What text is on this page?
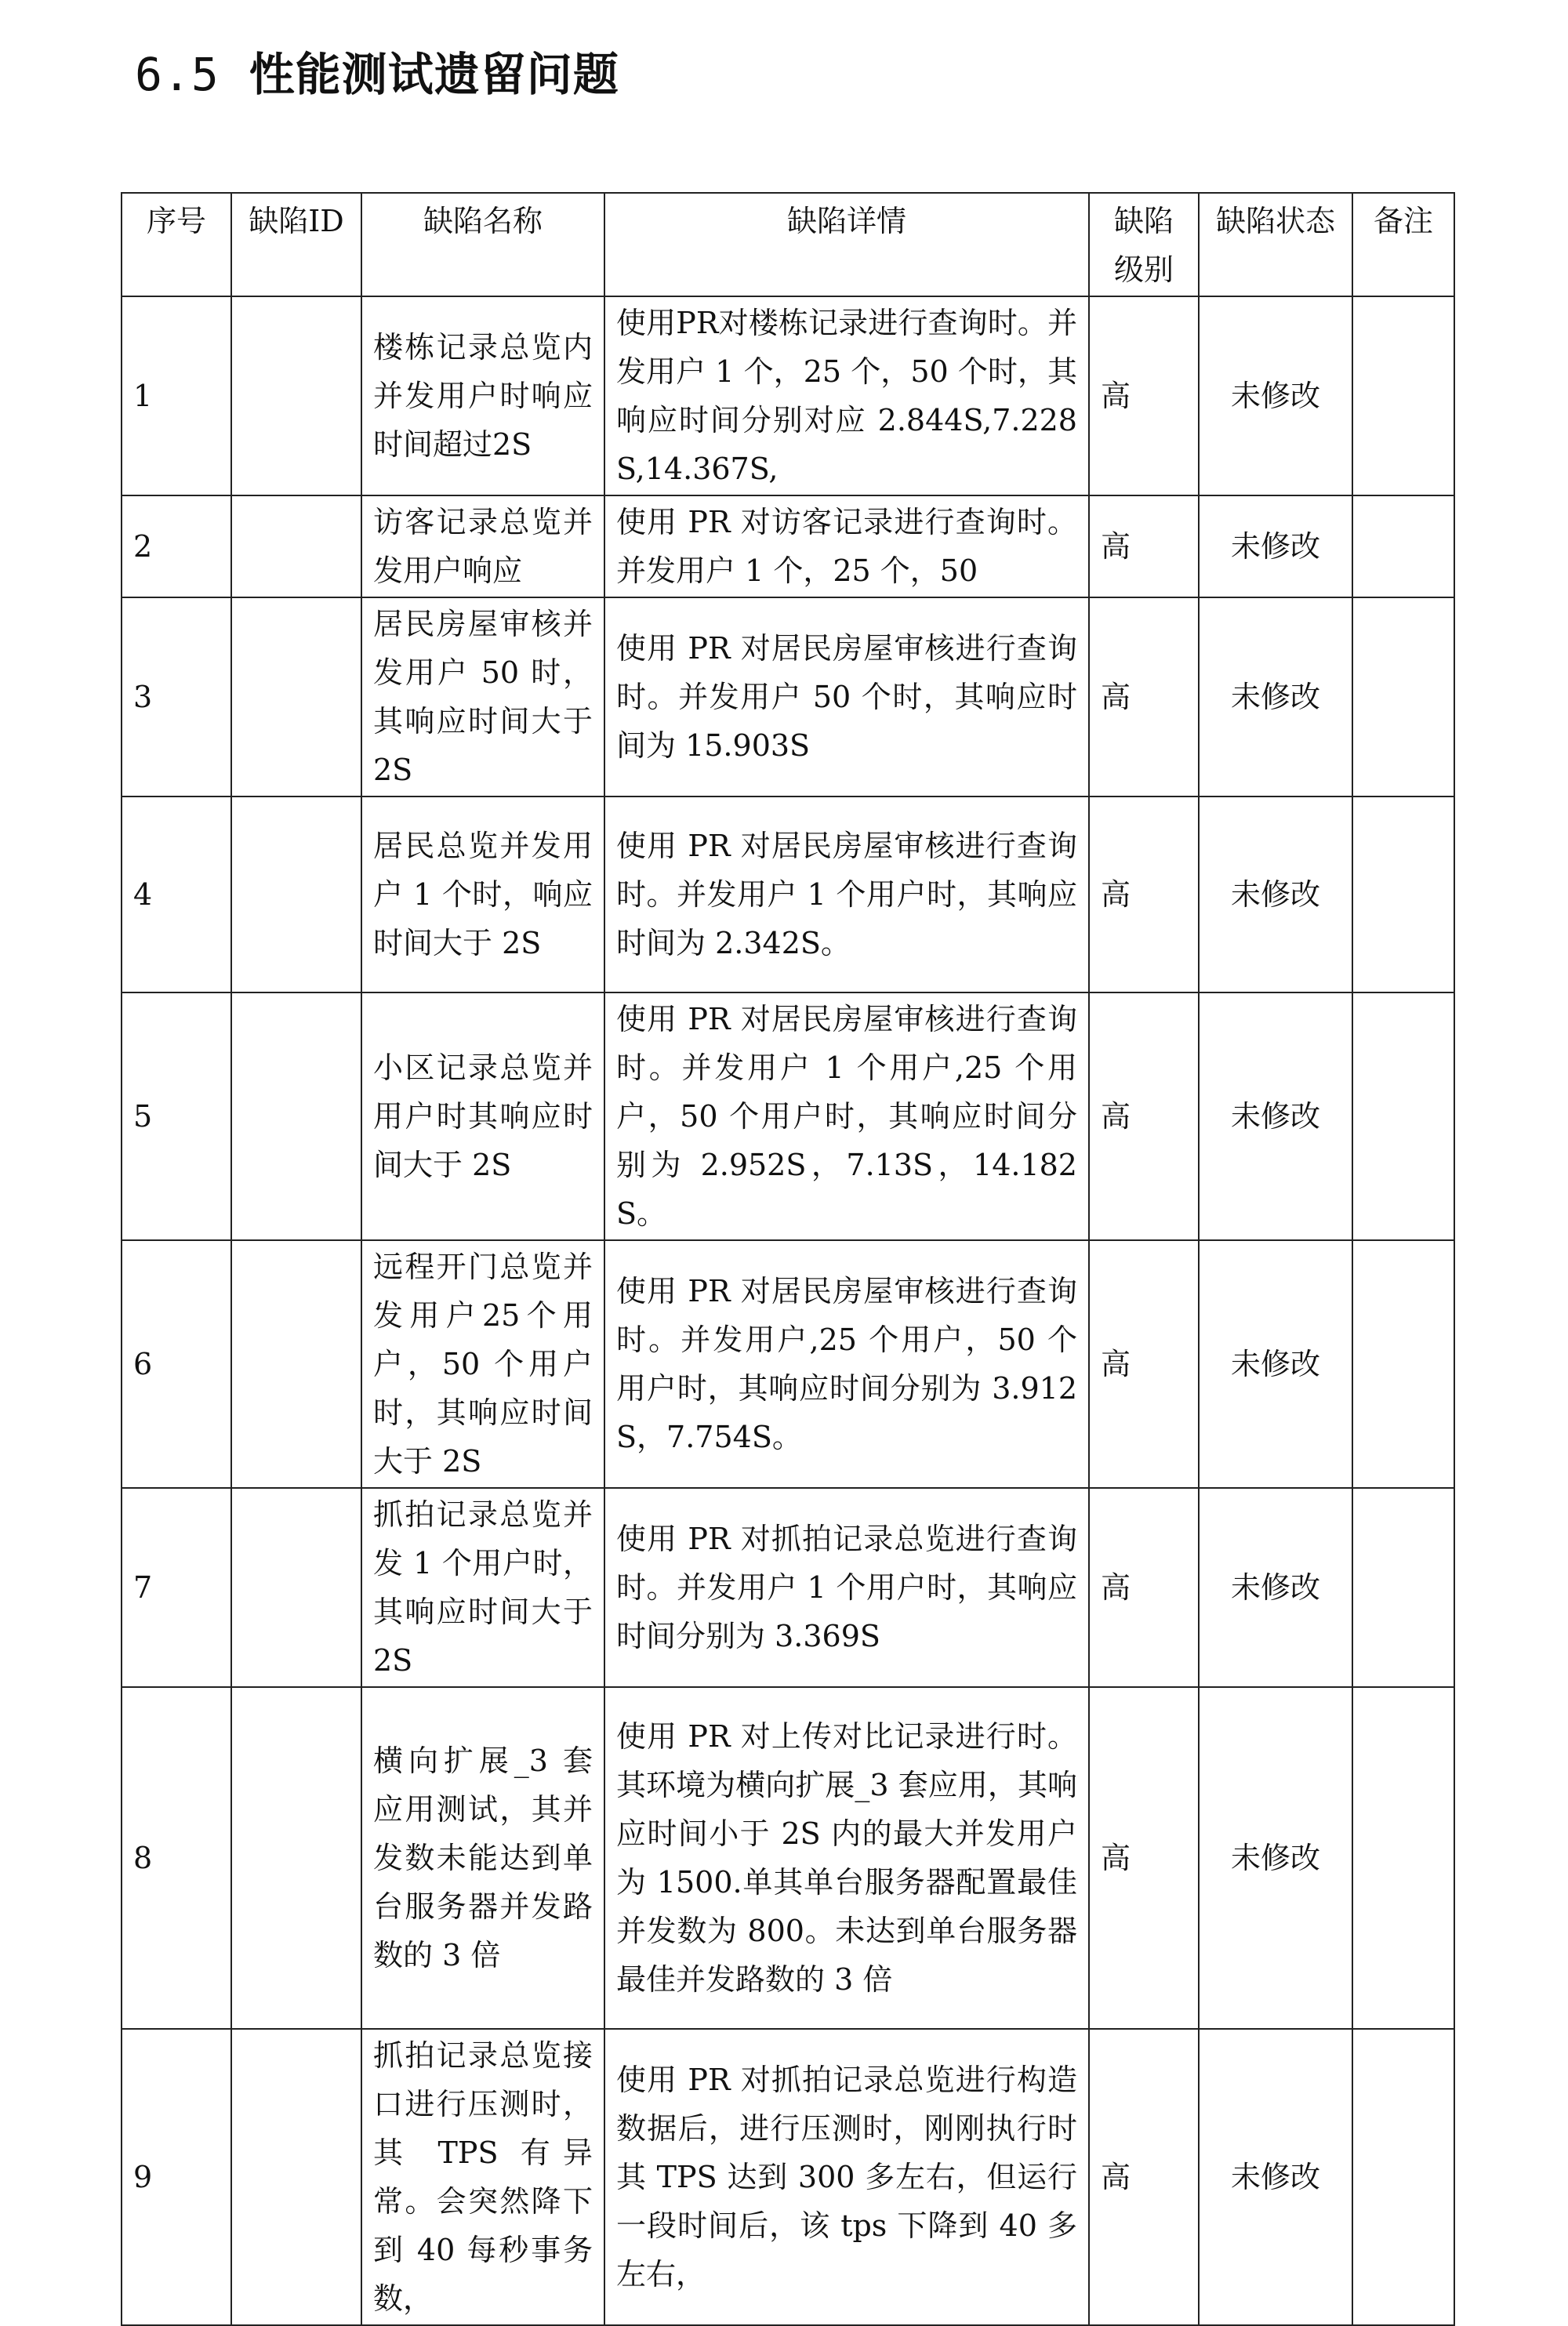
6.5 性能测试遗留问题
序号	缺陷ID	缺陷名称	缺陷详情	缺陷级别	缺陷状态	备注
1		楼栋记录总览内并发用户时响应时间超过2S	使用PR对楼栋记录进行查询时。并发用户 1 个，25 个，50 个时，其响应时间分别对应 2.844S,7.228S,14.367S,	高	未修改	
2		访客记录总览并发用户响应	使用 PR 对访客记录进行查询时。并发用户 1 个，25 个，50	高	未修改	
3		居民房屋审核并发用户 50 时，其响应时间大于 2S	使用 PR 对居民房屋审核进行查询时。并发用户 50 个时，其响应时间为 15.903S	高	未修改	
4		居民总览并发用户 1 个时，响应时间大于 2S	使用 PR 对居民房屋审核进行查询时。并发用户 1 个用户时，其响应时间为 2.342S。	高	未修改	
5		小区记录总览并用户时其响应时间大于 2S	使用 PR 对居民房屋审核进行查询时。并发用户 1 个用户,25 个用户，50 个用户时，其响应时间分别为 2.952S，7.13S，14.182S。	高	未修改	
6		远程开门总览并发用户25个用户，50 个用户时，其响应时间大于 2S	使用 PR 对居民房屋审核进行查询时。并发用户,25 个用户，50 个用户时，其响应时间分别为 3.912S，7.754S。	高	未修改	
7		抓拍记录总览并发 1 个用户时，其响应时间大于 2S	使用 PR 对抓拍记录总览进行查询时。并发用户 1 个用户时，其响应时间分别为 3.369S	高	未修改	
8		横向扩展_3 套应用测试，其并发数未能达到单台服务器并发路数的 3 倍	使用 PR 对上传对比记录进行时。其环境为横向扩展_3 套应用，其响应时间小于 2S 内的最大并发用户为 1500.单其单台服务器配置最佳并发数为 800。未达到单台服务器最佳并发路数的 3 倍	高	未修改	
9		抓拍记录总览接口进行压测时，其 TPS 有异常。会突然降下到 40 每秒事务数，	使用 PR 对抓拍记录总览进行构造数据后，进行压测时，刚刚执行时其 TPS 达到 300 多左右，但运行一段时间后，该 tps 下降到 40 多左右，	高	未修改	
